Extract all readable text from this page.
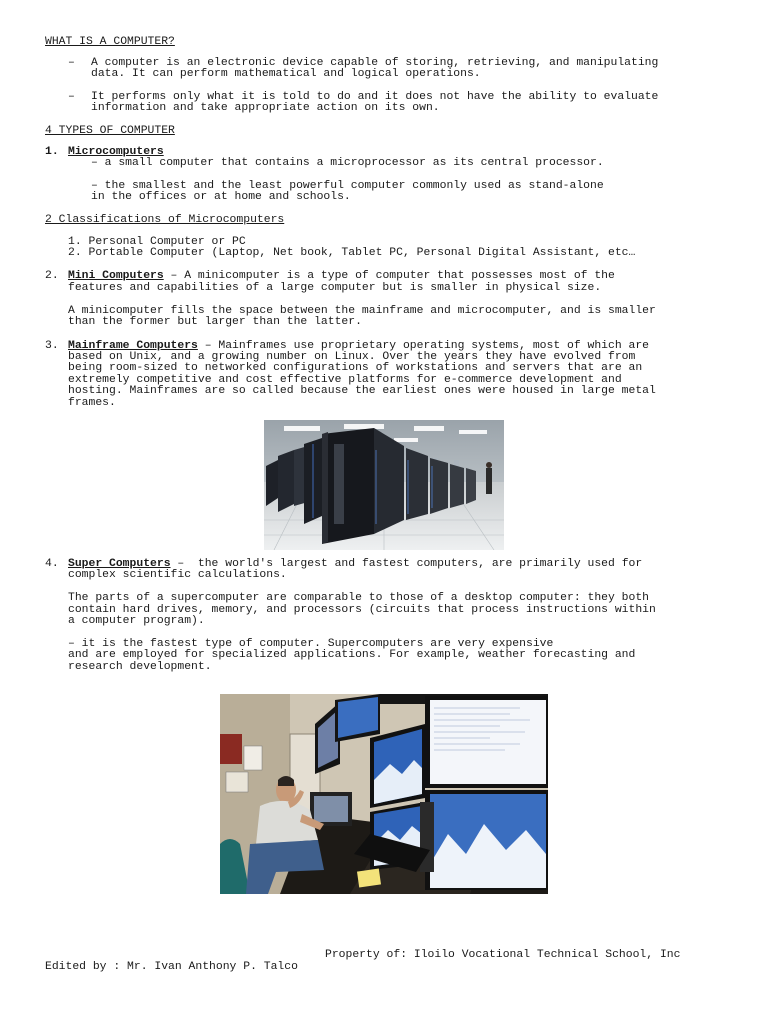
WHAT IS A COMPUTER?
– A computer is an electronic device capable of storing, retrieving, and manipulating
data. It can perform mathematical and logical operations.
– It performs only what it is told to do and it does not have the ability to evaluate
information and take appropriate action on its own.
4 TYPES OF COMPUTER
1. Microcomputers
– a small computer that contains a microprocessor as its central processor.
– the smallest and the least powerful computer commonly used as stand-alone
in the offices or at home and schools.
2 Classifications of Microcomputers
1. Personal Computer or PC
2. Portable Computer (Laptop, Net book, Tablet PC, Personal Digital Assistant, etc…
2. Mini Computers – A minicomputer is a type of computer that possesses most of the
features and capabilities of a large computer but is smaller in physical size.
A minicomputer fills the space between the mainframe and microcomputer, and is smaller
than the former but larger than the latter.
3. Mainframe Computers – Mainframes use proprietary operating systems, most of which are
based on Unix, and a growing number on Linux. Over the years they have evolved from
being room-sized to networked configurations of workstations and servers that are an
extremely competitive and cost effective platforms for e-commerce development and
hosting. Mainframes are so called because the earliest ones were housed in large metal
frames.
4. Super Computers –  the world's largest and fastest computers, are primarily used for
complex scientific calculations.
The parts of a supercomputer are comparable to those of a desktop computer: they both
contain hard drives, memory, and processors (circuits that process instructions within
a computer program).
– it is the fastest type of computer. Supercomputers are very expensive
and are employed for specialized applications. For example, weather forecasting and
research development.
Property of: Iloilo Vocational Technical School, Inc
Edited by : Mr. Ivan Anthony P. Talco
